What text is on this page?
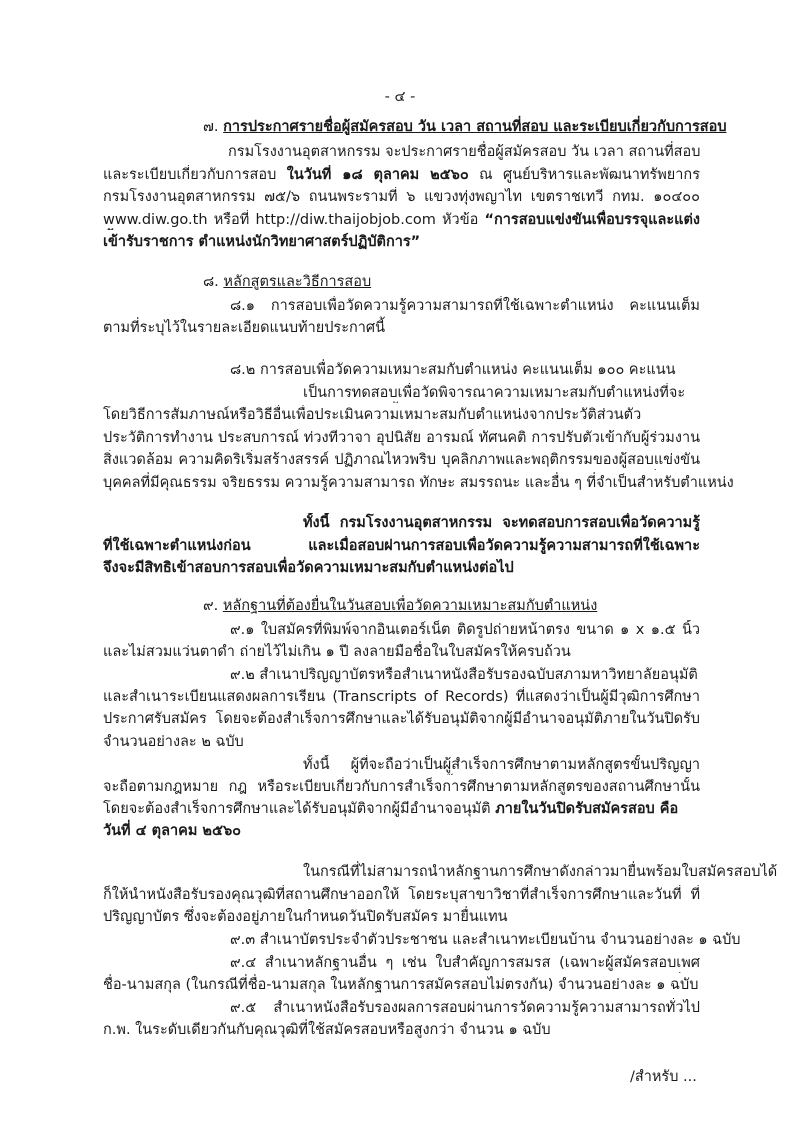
- ๔ -
๗. การประกาศรายชื่อผู้สมัครสอบ วัน เวลา สถานที่สอบ และระเบียบเกี่ยวกับการสอบ
กรมโรงงานอุตสาหกรรม จะประกาศรายชื่อผู้สมัครสอบ วัน เวลา สถานที่สอบ
และระเบียบเกี่ยวกับการสอบ ในวันที่ ๑๘ ตุลาคม ๒๕๖๐ ณ ศูนย์บริหารและพัฒนาทรัพยากร
กรมโรงงานอุตสาหกรรม ๗๕/๖ ถนนพระรามที่ ๖ แขวงทุ่งพญาไท เขตราชเทวี กทม. ๑๐๔๐๐
www.diw.go.th หรือที่ http://diw.thaijobjob.com หัวข้อ “การสอบแข่งขันเพื่อบรรจุและแต่ง
เข้ารับราชการ ตำแหน่งนักวิทยาศาสตร์ปฏิบัติการ”
๘. หลักสูตรและวิธีการสอบ
๘.๑ การสอบเพื่อวัดความรู้ความสามารถที่ใช้เฉพาะตำแหน่ง คะแนนเต็ม
ตามที่ระบุไว้ในรายละเอียดแนบท้ายประกาศนี้
๘.๒ การสอบเพื่อวัดความเหมาะสมกับตำแหน่ง คะแนนเต็ม ๑๐๐ คะแนน
เป็นการทดสอบเพื่อวัดพิจารณาความเหมาะสมกับตำแหน่งที่จะ
โดยวิธีการสัมภาษณ์หรือวิธีอื่นเพื่อประเมินความเหมาะสมกับตำแหน่งจากประวัติส่วนตัว
ประวัติการทำงาน ประสบการณ์ ท่วงทีวาจา อุปนิสัย อารมณ์ ทัศนคติ การปรับตัวเข้ากับผู้ร่วมงาน
สิ่งแวดล้อม ความคิดริเริ่มสร้างสรรค์ ปฏิภาณไหวพริบ บุคลิกภาพและพฤติกรรมของผู้สอบแข่งขัน
บุคคลที่มีคุณธรรม จริยธรรม ความรู้ความสามารถ ทักษะ สมรรถนะ และอื่น ๆ ที่จำเป็นสำหรับตำแหน่ง
ทั้งนี้ กรมโรงงานอุตสาหกรรม จะทดสอบการสอบเพื่อวัดความรู้
ที่ใช้เฉพาะตำแหน่งก่อน และเมื่อสอบผ่านการสอบเพื่อวัดความรู้ความสามารถที่ใช้เฉพาะ
จึงจะมีสิทธิเข้าสอบการสอบเพื่อวัดความเหมาะสมกับตำแหน่งต่อไป
๙. หลักฐานที่ต้องยื่นในวันสอบเพื่อวัดความเหมาะสมกับตำแหน่ง
๙.๑ ใบสมัครที่พิมพ์จากอินเตอร์เน็ต ติดรูปถ่ายหน้าตรง ขนาด ๑ x ๑.๕ นิ้ว
และไม่สวมแว่นตาดำ ถ่ายไว้ไม่เกิน ๑ ปี ลงลายมือชื่อในใบสมัครให้ครบถ้วน
๙.๒ สำเนาปริญญาบัตรหรือสำเนาหนังสือรับรองฉบับสภามหาวิทยาลัยอนุมัติ
และสำเนาระเบียนแสดงผลการเรียน (Transcripts of Records) ที่แสดงว่าเป็นผู้มีวุฒิการศึกษา
ประกาศรับสมัคร โดยจะต้องสำเร็จการศึกษาและได้รับอนุมัติจากผู้มีอำนาจอนุมัติภายในวันปิดรับ
จำนวนอย่างละ ๒ ฉบับ
ทั้งนี้ ผู้ที่จะถือว่าเป็นผู้สำเร็จการศึกษาตามหลักสูตรขั้นปริญญา
จะถือตามกฎหมาย กฎ หรือระเบียบเกี่ยวกับการสำเร็จการศึกษาตามหลักสูตรของสถานศึกษานั้น
โดยจะต้องสำเร็จการศึกษาและได้รับอนุมัติจากผู้มีอำนาจอนุมัติ ภายในวันปิดรับสมัครสอบ คือ
วันที่ ๔ ตุลาคม ๒๕๖๐
ในกรณีที่ไม่สามารถนำหลักฐานการศึกษาดังกล่าวมายื่นพร้อมใบสมัครสอบได้
ก็ให้นำหนังสือรับรองคุณวุฒิที่สถานศึกษาออกให้ โดยระบุสาขาวิชาที่สำเร็จการศึกษาและวันที่ ที่
ปริญญาบัตร ซึ่งจะต้องอยู่ภายในกำหนดวันปิดรับสมัคร มายื่นแทน
๙.๓ สำเนาบัตรประจำตัวประชาชน และสำเนาทะเบียนบ้าน จำนวนอย่างละ ๑ ฉบับ
๙.๔ สำเนาหลักฐานอื่น ๆ เช่น ใบสำคัญการสมรส (เฉพาะผู้สมัครสอบเพศ
ชื่อ-นามสกุล (ในกรณีที่ชื่อ-นามสกุล ในหลักฐานการสมัครสอบไม่ตรงกัน) จำนวนอย่างละ ๑ ฉบับ
๙.๕ สำเนาหนังสือรับรองผลการสอบผ่านการวัดความรู้ความสามารถทั่วไป
ก.พ. ในระดับเดียวกันกับคุณวุฒิที่ใช้สมัครสอบหรือสูงกว่า จำนวน ๑ ฉบับ
/สำหรับ ...
